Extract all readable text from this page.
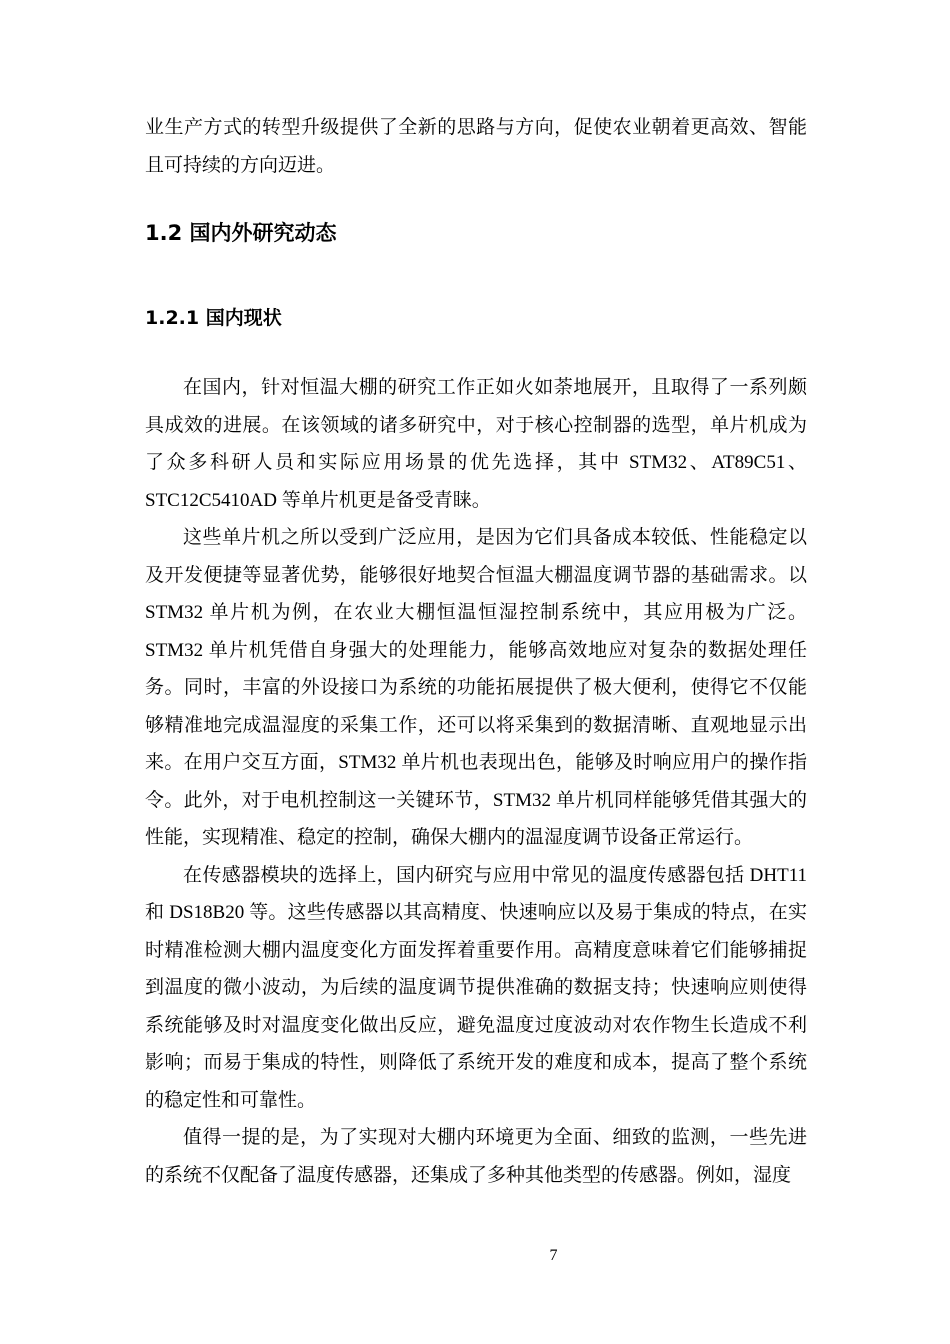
业生产方式的转型升级提供了全新的思路与方向，促使农业朝着更高效、智能且可持续的方向迈进。

1.2 国内外研究动态

1.2.1 国内现状

在国内，针对恒温大棚的研究工作正如火如荼地展开，且取得了一系列颇具成效的进展。在该领域的诸多研究中，对于核心控制器的选型，单片机成为了众多科研人员和实际应用场景的优先选择，其中 STM32、AT89C51、STC12C5410AD 等单片机更是备受青睐。

这些单片机之所以受到广泛应用，是因为它们具备成本较低、性能稳定以及开发便捷等显著优势，能够很好地契合恒温大棚温度调节器的基础需求。以 STM32 单片机为例，在农业大棚恒温恒湿控制系统中，其应用极为广泛。STM32 单片机凭借自身强大的处理能力，能够高效地应对复杂的数据处理任务。同时，丰富的外设接口为系统的功能拓展提供了极大便利，使得它不仅能够精准地完成温湿度的采集工作，还可以将采集到的数据清晰、直观地显示出来。在用户交互方面，STM32 单片机也表现出色，能够及时响应用户的操作指令。此外，对于电机控制这一关键环节，STM32 单片机同样能够凭借其强大的性能，实现精准、稳定的控制，确保大棚内的温湿度调节设备正常运行。

在传感器模块的选择上，国内研究与应用中常见的温度传感器包括 DHT11 和 DS18B20 等。这些传感器以其高精度、快速响应以及易于集成的特点，在实时精准检测大棚内温度变化方面发挥着重要作用。高精度意味着它们能够捕捉到温度的微小波动，为后续的温度调节提供准确的数据支持；快速响应则使得系统能够及时对温度变化做出反应，避免温度过度波动对农作物生长造成不利影响；而易于集成的特性，则降低了系统开发的难度和成本，提高了整个系统的稳定性和可靠性。

值得一提的是，为了实现对大棚内环境更为全面、细致的监测，一些先进的系统不仅配备了温度传感器，还集成了多种其他类型的传感器。例如，湿度

7
